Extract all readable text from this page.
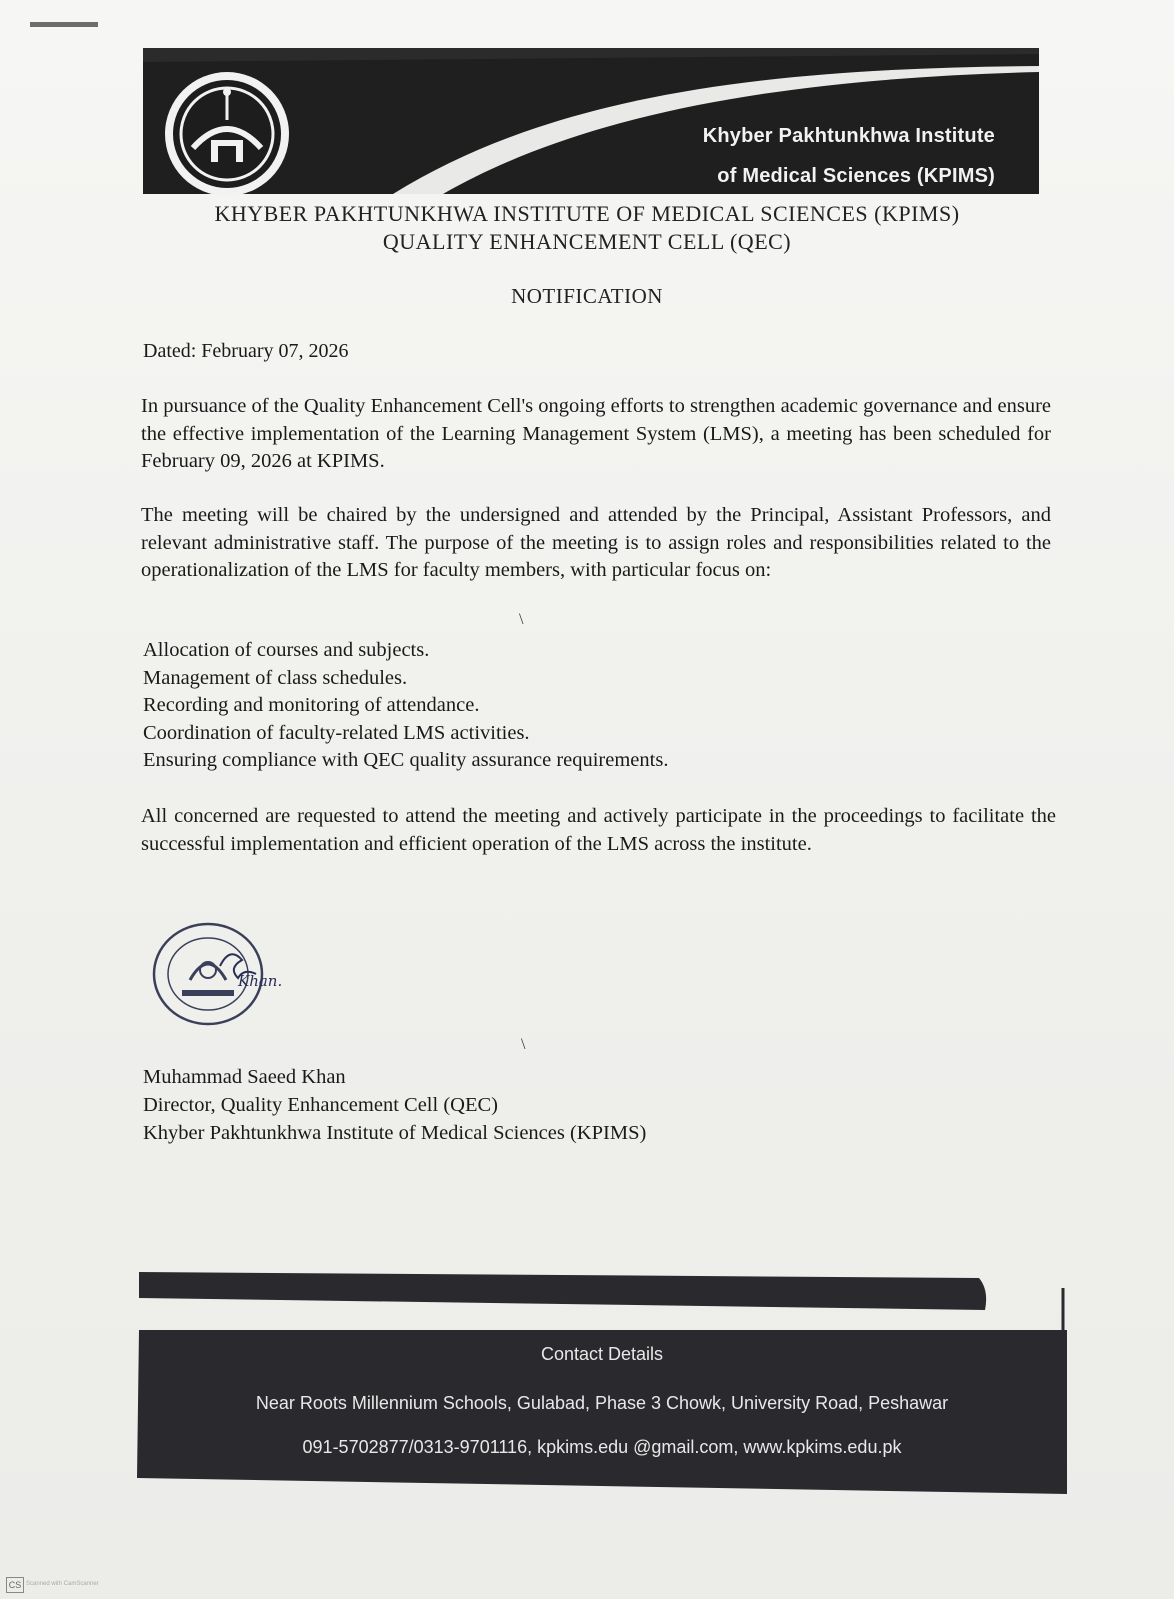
Khyber Pakhtunkhwa Institute
of Medical Sciences (KPIMS)
KHYBER PAKHTUNKHWA INSTITUTE OF MEDICAL SCIENCES (KPIMS)
QUALITY ENHANCEMENT CELL (QEC)
NOTIFICATION
Dated: February 07, 2026
In pursuance of the Quality Enhancement Cell's ongoing efforts to strengthen academic governance and ensure the effective implementation of the Learning Management System (LMS), a meeting has been scheduled for February 09, 2026 at KPIMS.
The meeting will be chaired by the undersigned and attended by the Principal, Assistant Professors, and relevant administrative staff. The purpose of the meeting is to assign roles and responsibilities related to the operationalization of the LMS for faculty members, with particular focus on:
\
Allocation of courses and subjects.
Management of class schedules.
Recording and monitoring of attendance.
Coordination of faculty-related LMS activities.
Ensuring compliance with QEC quality assurance requirements.
All concerned are requested to attend the meeting and actively participate in the proceedings to facilitate the successful implementation and efficient operation of the LMS across the institute.
Khan.
\
Muhammad Saeed Khan
Director, Quality Enhancement Cell (QEC)
Khyber Pakhtunkhwa Institute of Medical Sciences (KPIMS)
Contact Details
Near Roots Millennium Schools, Gulabad, Phase 3 Chowk, University Road, Peshawar
091-5702877/0313-9701116, kpkims.edu @gmail.com, www.kpkims.edu.pk
CS Scanned with CamScanner
